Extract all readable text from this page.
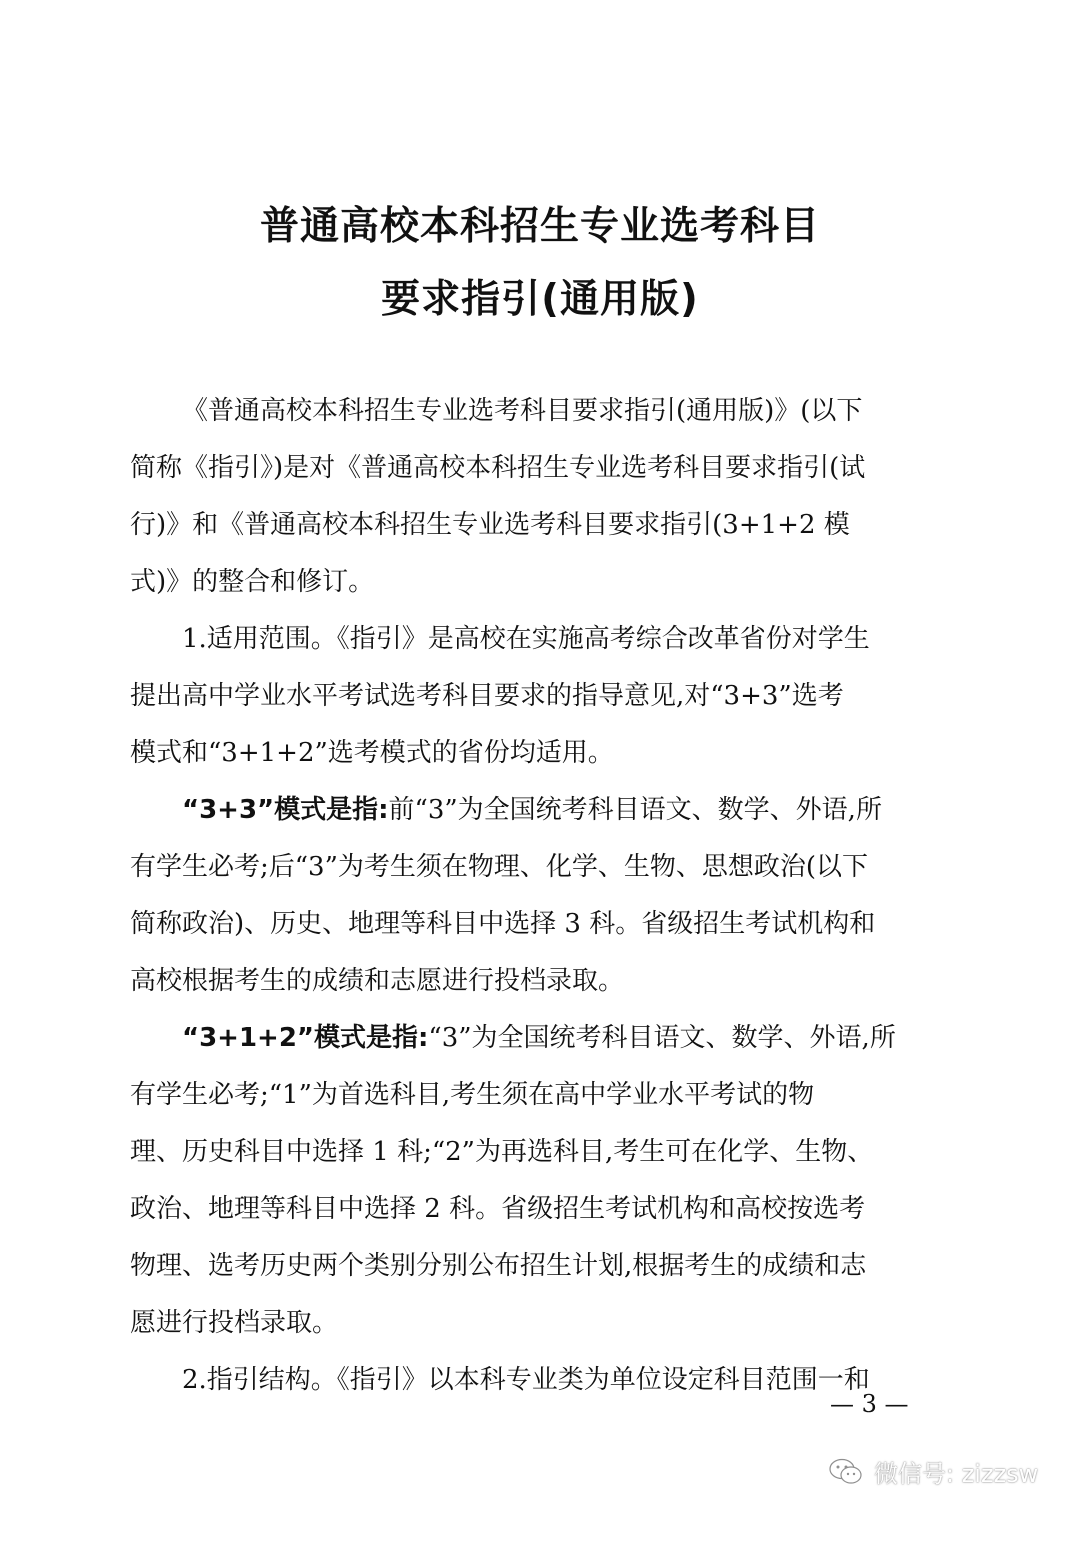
普通高校本科招生专业选考科目
要求指引(通用版)
《普通高校本科招生专业选考科目要求指引(通用版)》(以下
简称《指引》)是对《普通高校本科招生专业选考科目要求指引(试
行)》和《普通高校本科招生专业选考科目要求指引(3+1+2 模
式)》的整合和修订。
1.适用范围。《指引》是高校在实施高考综合改革省份对学生
提出高中学业水平考试选考科目要求的指导意见,对“3+3”选考
模式和“3+1+2”选考模式的省份均适用。
“3+3”模式是指:前“3”为全国统考科目语文、数学、外语,所
有学生必考;后“3”为考生须在物理、化学、生物、思想政治(以下
简称政治)、历史、地理等科目中选择 3 科。省级招生考试机构和
高校根据考生的成绩和志愿进行投档录取。
“3+1+2”模式是指:“3”为全国统考科目语文、数学、外语,所
有学生必考;“1”为首选科目,考生须在高中学业水平考试的物
理、历史科目中选择 1 科;“2”为再选科目,考生可在化学、生物、
政治、地理等科目中选择 2 科。省级招生考试机构和高校按选考
物理、选考历史两个类别分别公布招生计划,根据考生的成绩和志
愿进行投档录取。
2.指引结构。《指引》以本科专业类为单位设定科目范围一和
— 3 —
微信号: zizzsw
